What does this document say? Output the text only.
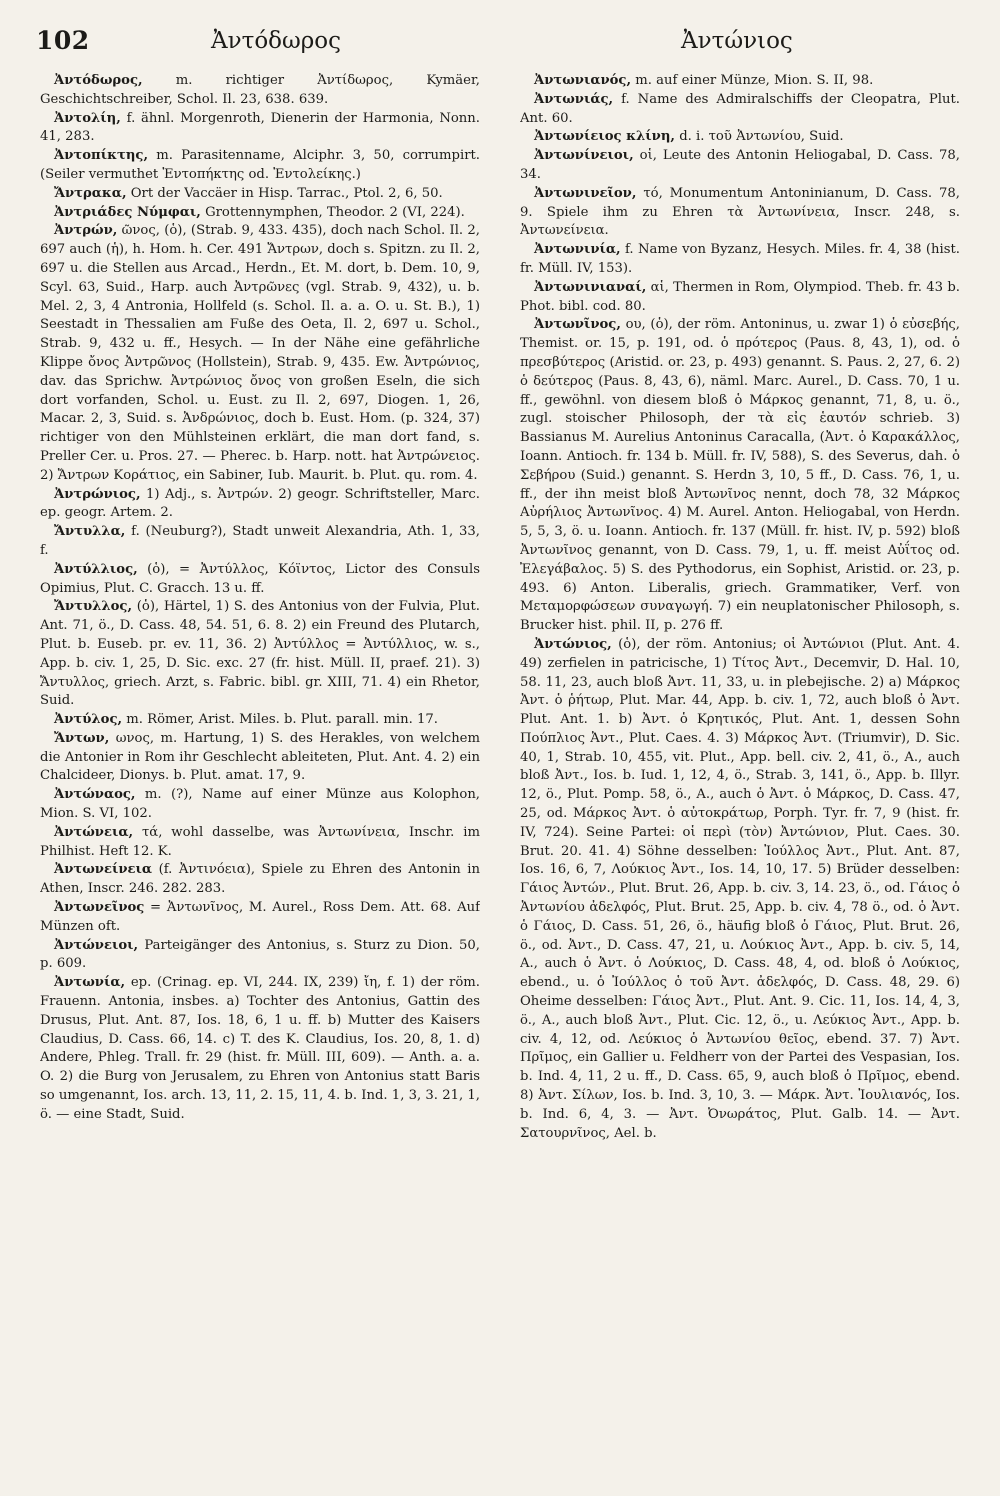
102	Ἀντόδωρος	Ἀντώνιος

Ἀντόδωρος, m. richtiger Ἀντίδωρος, Kymäer, Geschichtschreiber, Schol. Il. 23, 638. 639.

Ἀντολίη, f. ähnl. Morgenroth, Dienerin der Harmonia, Nonn. 41, 283.

Ἀντοπίκτης, m. Parasitenname, Alciphr. 3, 50, corrumpirt. (Seiler vermuthet Ἐντοπήκτης od. Ἐντολείκης.)

Ἄντρακα, Ort der Vaccäer in Hisp. Tarrac., Ptol. 2, 6, 50.

Ἀντριάδες Νύμφαι, Grottennymphen, Theodor. 2 (VI, 224).

Ἀντρών, ῶνος, (ὁ), (Strab. 9, 433. 435), doch nach Schol. Il. 2, 697 auch (ἡ), h. Hom. h. Cer. 491 Ἄντρων, doch s. Spitzn. zu Il. 2, 697 u. die Stellen aus Arcad., Herdn., Et. M. dort, b. Dem. 10, 9, Scyl. 63, Suid., Harp. auch Ἀντρῶνες (vgl. Strab. 9, 432), u. b. Mel. 2, 3, 4 Antronia, Hollfeld (s. Schol. Il. a. a. O. u. St. B.), 1) Seestadt in Thessalien am Fuße des Oeta, Il. 2, 697 u. Schol., Strab. 9, 432 u. ff., Hesych. — In der Nähe eine gefährliche Klippe ὄνος Ἀντρῶνος (Hollstein), Strab. 9, 435. Ew. Ἀντρώνιος, dav. das Sprichw. Ἀντρώνιος ὄνος von großen Eseln, die sich dort vorfanden, Schol. u. Eust. zu Il. 2, 697, Diogen. 1, 26, Macar. 2, 3, Suid. s. Ἀνδρώνιος, doch b. Eust. Hom. (p. 324, 37) richtiger von den Mühlsteinen erklärt, die man dort fand, s. Preller Cer. u. Pros. 27. — Pherec. b. Harp. nott. hat Ἀντρώνειος. 2) Ἄντρων Κοράτιος, ein Sabiner, Iub. Maurit. b. Plut. qu. rom. 4.

Ἀντρώνιος, 1) Adj., s. Ἀντρών. 2) geogr. Schriftsteller, Marc. ep. geogr. Artem. 2.

Ἄντυλλα, f. (Neuburg?), Stadt unweit Alexandria, Ath. 1, 33, f.

Ἀντύλλιος, (ὁ), = Ἀντύλλος, Κόϊντος, Lictor des Consuls Opimius, Plut. C. Gracch. 13 u. ff.

Ἄντυλλος, (ὁ), Härtel, 1) S. des Antonius von der Fulvia, Plut. Ant. 71, ö., D. Cass. 48, 54. 51, 6. 8. 2) ein Freund des Plutarch, Plut. b. Euseb. pr. ev. 11, 36. 2) Ἀντύλλος = Ἀντύλλιος, w. s., App. b. civ. 1, 25, D. Sic. exc. 27 (fr. hist. Müll. II, praef. 21). 3) Ἄντυλλος, griech. Arzt, s. Fabric. bibl. gr. XIII, 71. 4) ein Rhetor, Suid.

Ἀντύλος, m. Römer, Arist. Miles. b. Plut. parall. min. 17.

Ἄντων, ωνος, m. Hartung, 1) S. des Herakles, von welchem die Antonier in Rom ihr Geschlecht ableiteten, Plut. Ant. 4. 2) ein Chalcideer, Dionys. b. Plut. amat. 17, 9.

Ἀντώναος, m. (?), Name auf einer Münze aus Kolophon, Mion. S. VI, 102.

Ἀντώνεια, τά, wohl dasselbe, was Ἀντωνίνεια, Inschr. im Philhist. Heft 12. K.

Ἀντωνείνεια (f. Ἀντινόεια), Spiele zu Ehren des Antonin in Athen, Inscr. 246. 282. 283.

Ἀντωνεῖνος = Ἀντωνῖνος, M. Aurel., Ross Dem. Att. 68. Auf Münzen oft.

Ἀντώνειοι, Parteigänger des Antonius, s. Sturz zu Dion. 50, p. 609.

Ἀντωνία, ep. (Crinag. ep. VI, 244. IX, 239) ἴη, f. 1) der röm. Frauenn. Antonia, insbes. a) Tochter des Antonius, Gattin des Drusus, Plut. Ant. 87, Ios. 18, 6, 1 u. ff. b) Mutter des Kaisers Claudius, D. Cass. 66, 14. c) T. des K. Claudius, Ios. 20, 8, 1. d) Andere, Phleg. Trall. fr. 29 (hist. fr. Müll. III, 609). — Anth. a. a. O. 2) die Burg von Jerusalem, zu Ehren von Antonius statt Baris so umgenannt, Ios. arch. 13, 11, 2. 15, 11, 4. b. Ind. 1, 3, 3. 21, 1, ö. — eine Stadt, Suid.

Ἀντωνιανός, m. auf einer Münze, Mion. S. II, 98.

Ἀντωνιάς, f. Name des Admiralschiffs der Cleopatra, Plut. Ant. 60.

Ἀντωνίειος κλίνη, d. i. τοῦ Ἀντωνίου, Suid.

Ἀντωνίνειοι, οἱ, Leute des Antonin Heliogabal, D. Cass. 78, 34.

Ἀντωνινεῖον, τό, Monumentum Antoninianum, D. Cass. 78, 9. Spiele ihm zu Ehren τὰ Ἀντωνίνεια, Inscr. 248, s. Ἀντωνείνεια.

Ἀντωνινία, f. Name von Byzanz, Hesych. Miles. fr. 4, 38 (hist. fr. Müll. IV, 153).

Ἀντωνινιαναί, αἱ, Thermen in Rom, Olympiod. Theb. fr. 43 b. Phot. bibl. cod. 80.

Ἀντωνῖνος, ου, (ὁ), der röm. Antoninus, u. zwar 1) ὁ εὐσεβής, Themist. or. 15, p. 191, od. ὁ πρότερος (Paus. 8, 43, 1), od. ὁ πρεσβύτερος (Aristid. or. 23, p. 493) genannt. S. Paus. 2, 27, 6. 2) ὁ δεύτερος (Paus. 8, 43, 6), näml. Marc. Aurel., D. Cass. 70, 1 u. ff., gewöhnl. von diesem bloß ὁ Μάρκος genannt, 71, 8, u. ö., zugl. stoischer Philosoph, der τὰ εἰς ἑαυτόν schrieb. 3) Bassianus M. Aurelius Antoninus Caracalla, (Ἀντ. ὁ Καρακάλλος, Ioann. Antioch. fr. 134 b. Müll. fr. IV, 588), S. des Severus, dah. ὁ Σεβήρου (Suid.) genannt. S. Herdn 3, 10, 5 ff., D. Cass. 76, 1, u. ff., der ihn meist bloß Ἀντωνῖνος nennt, doch 78, 32 Μάρκος Αὐρήλιος Ἀντωνῖνος. 4) M. Aurel. Anton. Heliogabal, von Herdn. 5, 5, 3, ö. u. Ioann. Antioch. fr. 137 (Müll. fr. hist. IV, p. 592) bloß Ἀντωνῖνος genannt, von D. Cass. 79, 1, u. ff. meist Αὐΐτος od. Ἐλεγάβαλος. 5) S. des Pythodorus, ein Sophist, Aristid. or. 23, p. 493. 6) Anton. Liberalis, griech. Grammatiker, Verf. von Μεταμορφώσεων συναγωγή. 7) ein neuplatonischer Philosoph, s. Brucker hist. phil. II, p. 276 ff.

Ἀντώνιος, (ὁ), der röm. Antonius; οἱ Ἀντώνιοι (Plut. Ant. 4. 49) zerfielen in patricische, 1) Τίτος Ἀντ., Decemvir, D. Hal. 10, 58. 11, 23, auch bloß Ἀντ. 11, 33, u. in plebejische. 2) a) Μάρκος Ἀντ. ὁ ῥήτωρ, Plut. Mar. 44, App. b. civ. 1, 72, auch bloß ὁ Ἀντ. Plut. Ant. 1. b) Ἀντ. ὁ Κρητικός, Plut. Ant. 1, dessen Sohn Πούπλιος Ἀντ., Plut. Caes. 4. 3) Μάρκος Ἀντ. (Triumvir), D. Sic. 40, 1, Strab. 10, 455, vit. Plut., App. bell. civ. 2, 41, ö., A., auch bloß Ἀντ., Ios. b. Iud. 1, 12, 4, ö., Strab. 3, 141, ö., App. b. Illyr. 12, ö., Plut. Pomp. 58, ö., A., auch ὁ Ἀντ. ὁ Μάρκος, D. Cass. 47, 25, od. Μάρκος Ἀντ. ὁ αὐτοκράτωρ, Porph. Tyr. fr. 7, 9 (hist. fr. IV, 724). Seine Partei: οἱ περὶ (τὸν) Ἀντώνιον, Plut. Caes. 30. Brut. 20. 41. 4) Söhne desselben: Ἰούλλος Ἀντ., Plut. Ant. 87, Ios. 16, 6, 7, Λούκιος Ἀντ., Ios. 14, 10, 17. 5) Brüder desselben: Γάιος Ἀντών., Plut. Brut. 26, App. b. civ. 3, 14. 23, ö., od. Γάιος ὁ Ἀντωνίου ἀδελφός, Plut. Brut. 25, App. b. civ. 4, 78 ö., od. ὁ Ἀντ. ὁ Γάιος, D. Cass. 51, 26, ö., häufig bloß ὁ Γάιος, Plut. Brut. 26, ö., od. Ἀντ., D. Cass. 47, 21, u. Λούκιος Ἀντ., App. b. civ. 5, 14, A., auch ὁ Ἀντ. ὁ Λούκιος, D. Cass. 48, 4, od. bloß ὁ Λούκιος, ebend., u. ὁ Ἰούλλος ὁ τοῦ Ἀντ. ἀδελφός, D. Cass. 48, 29. 6) Oheime desselben: Γάιος Ἀντ., Plut. Ant. 9. Cic. 11, Ios. 14, 4, 3, ö., A., auch bloß Ἀντ., Plut. Cic. 12, ö., u. Λεύκιος Ἀντ., App. b. civ. 4, 12, od. Λεύκιος ὁ Ἀντωνίου θεῖος, ebend. 37. 7) Ἀντ. Πρῖμος, ein Gallier u. Feldherr von der Partei des Vespasian, Ios. b. Ind. 4, 11, 2 u. ff., D. Cass. 65, 9, auch bloß ὁ Πρῖμος, ebend. 8) Ἀντ. Σίλων, Ios. b. Ind. 3, 10, 3. — Μάρκ. Ἀντ. Ἰουλιανός, Ios. b. Ind. 6, 4, 3. — Ἀντ. Ὀνωράτος, Plut. Galb. 14. — Ἀντ. Σατουρνῖνος, Ael. b.
